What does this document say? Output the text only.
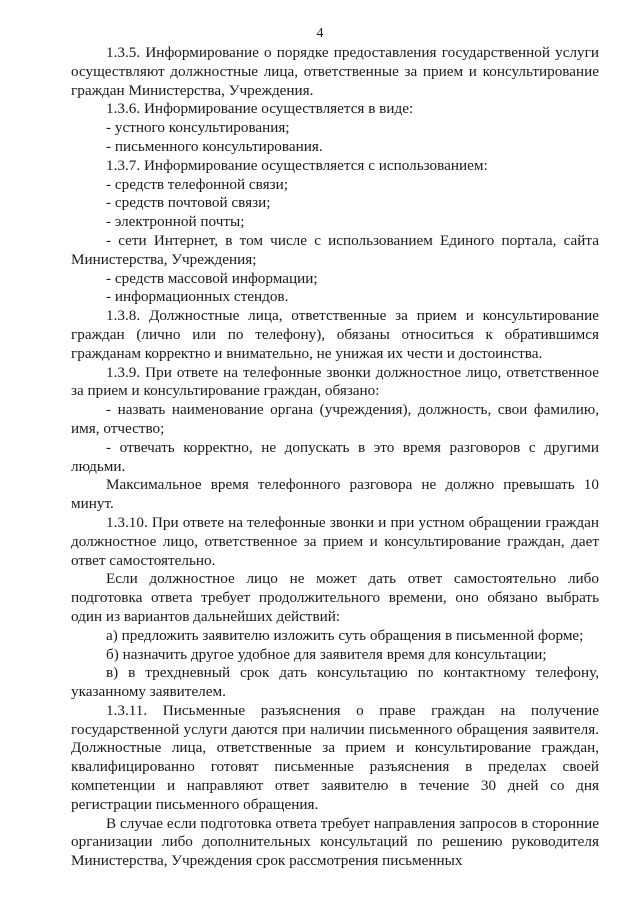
4

1.3.5. Информирование о порядке предоставления государственной услуги осуществляют должностные лица, ответственные за прием и консультирование граждан Министерства, Учреждения.

1.3.6. Информирование осуществляется в виде:

- устного консультирования;

- письменного консультирования.

1.3.7. Информирование осуществляется с использованием:

- средств телефонной связи;

- средств почтовой связи;

- электронной почты;

- сети Интернет, в том числе с использованием Единого портала, сайта Министерства, Учреждения;

- средств массовой информации;

- информационных стендов.

1.3.8. Должностные лица, ответственные за прием и консультирование граждан (лично или по телефону), обязаны относиться к обратившимся гражданам корректно и внимательно, не унижая их чести и достоинства.

1.3.9. При ответе на телефонные звонки должностное лицо, ответственное за прием и консультирование граждан, обязано:

- назвать наименование органа (учреждения), должность, свои фамилию, имя, отчество;

- отвечать корректно, не допускать в это время разговоров с другими людьми.

Максимальное время телефонного разговора не должно превышать 10 минут.

1.3.10. При ответе на телефонные звонки и при устном обращении граждан должностное лицо, ответственное за прием и консультирование граждан, дает ответ самостоятельно.

Если должностное лицо не может дать ответ самостоятельно либо подготовка ответа требует продолжительного времени, оно обязано выбрать один из вариантов дальнейших действий:

а) предложить заявителю изложить суть обращения в письменной форме;

б) назначить другое удобное для заявителя время для консультации;

в) в трехдневный срок дать консультацию по контактному телефону, указанному заявителем.

1.3.11. Письменные разъяснения о праве граждан на получение государственной услуги даются при наличии письменного обращения заявителя. Должностные лица, ответственные за прием и консультирование граждан, квалифицированно готовят письменные разъяснения в пределах своей компетенции и направляют ответ заявителю в течение 30 дней со дня регистрации письменного обращения.

В случае если подготовка ответа требует направления запросов в сторонние организации либо дополнительных консультаций по решению руководителя Министерства, Учреждения срок рассмотрения письменных
